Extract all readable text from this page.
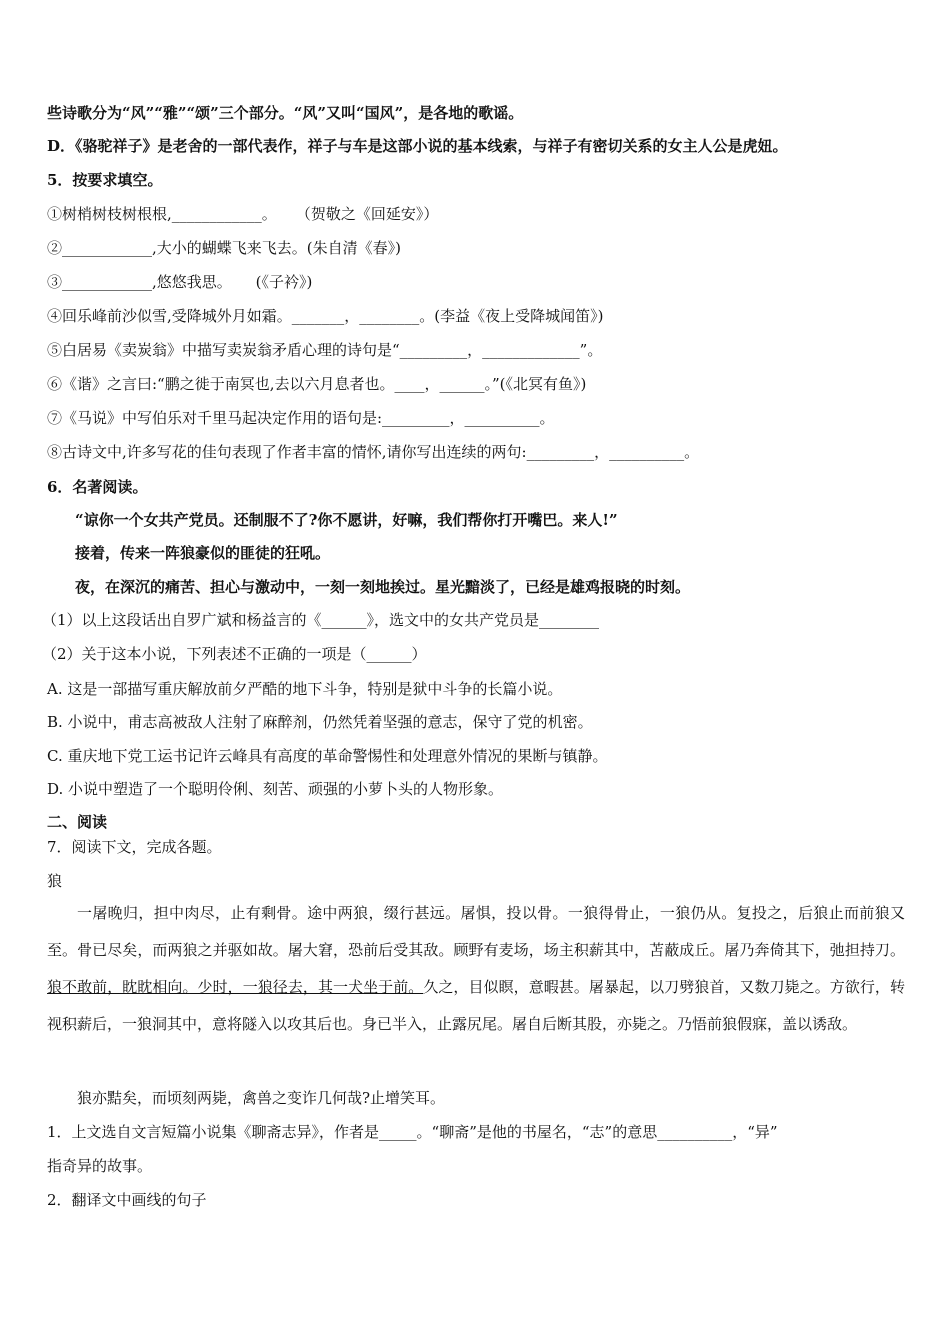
些诗歌分为“风”“雅”“颂”三个部分。“风”又叫“国风”，是各地的歌谣。
D．《骆驼祥子》是老舍的一部代表作，祥子与车是这部小说的基本线索，与祥子有密切关系的女主人公是虎妞。
5．按要求填空。
①树梢树枝树根根,____________。    （贺敬之《回延安》）
②____________,大小的蝴蝶飞来飞去。(朱自清《春》)
③____________,悠悠我思。     (《子衿》)
④回乐峰前沙似雪,受降城外月如霜。_______，________。(李益《夜上受降城闻笛》)
⑤白居易《卖炭翁》中描写卖炭翁矛盾心理的诗句是“_________，_____________”。
⑥《谐》之言曰:“鹏之徙于南冥也,去以六月息者也。____，______。”(《北冥有鱼》)
⑦《马说》中写伯乐对千里马起决定作用的语句是:_________，__________。
⑧古诗文中,许多写花的佳句表现了作者丰富的情怀,请你写出连续的两句:_________，__________。
6．名著阅读。
“谅你一个女共产党员。还制服不了?你不愿讲，好嘛，我们帮你打开嘴巴。来人!”
接着，传来一阵狼豪似的匪徒的狂吼。
夜，在深沉的痛苦、担心与激动中，一刻一刻地挨过。星光黯淡了，已经是雄鸡报晓的时刻。
（1）以上这段话出自罗广斌和杨益言的《______》，选文中的女共产党员是________
（2）关于这本小说，下列表述不正确的一项是（______）
A. 这是一部描写重庆解放前夕严酷的地下斗争，特别是狱中斗争的长篇小说。
B. 小说中，甫志高被敌人注射了麻醉剂，仍然凭着坚强的意志，保守了党的机密。
C. 重庆地下党工运书记许云峰具有高度的革命警惕性和处理意外情况的果断与镇静。
D. 小说中塑造了一个聪明伶俐、刻苦、顽强的小萝卜头的人物形象。
二、阅读
7．阅读下文，完成各题。
狼
一屠晚归，担中肉尽，止有剩骨。途中两狼，缀行甚远。屠惧，投以骨。一狼得骨止，一狼仍从。复投之，后狼止而前狼又至。骨已尽矣，而两狼之并驱如故。屠大窘，恐前后受其敌。顾野有麦场，场主积薪其中，苫蔽成丘。屠乃奔倚其下，弛担持刀。狼不敢前，眈眈相向。少时，一狼径去，其一犬坐于前。久之，目似瞑，意暇甚。屠暴起，以刀劈狼首，又数刀毙之。方欲行，转视积薪后，一狼洞其中，意将隧入以攻其后也。身已半入，止露尻尾。屠自后断其股，亦毙之。乃悟前狼假寐，盖以诱敌。
狼亦黠矣，而顷刻两毙，禽兽之变诈几何哉?止增笑耳。
1．上文选自文言短篇小说集《聊斋志异》，作者是_____。“聊斋”是他的书屋名，“志”的意思__________，“异”
指奇异的故事。
2．翻译文中画线的句子
